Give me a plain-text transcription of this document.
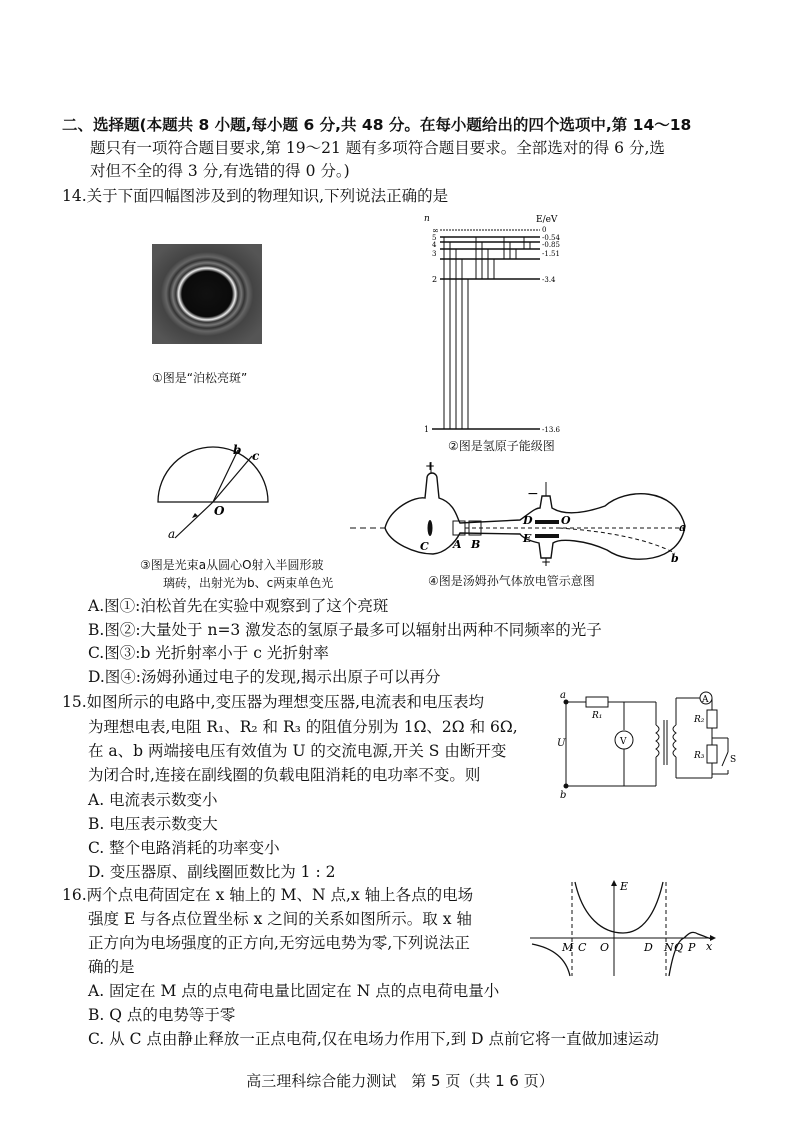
二、选择题(本题共 8 小题,每小题 6 分,共 48 分。在每小题给出的四个选项中,第 14～18
题只有一项符合题目要求,第 19～21 题有多项符合题目要求。全部选对的得 6 分,选
对但不全的得 3 分,有选错的得 0 分。)
14.关于下面四幅图涉及到的物理知识,下列说法正确的是
①图是“泊松亮斑”
n	E/eV
∞
5
4
3
2
1
0
-0.54
-0.85
-1.51
-3.4
-13.6
②图是氢原子能级图
a
b c
O
③图是光束a从圆心O射入半圆形玻
璃砖，出射光为b、c两束单色光
+
+
−
C A B
D	O
E
a
b
④图是汤姆孙气体放电管示意图
A.图①:泊松首先在实验中观察到了这个亮斑
B.图②:大量处于 n=3 激发态的氢原子最多可以辐射出两种不同频率的光子
C.图③:b 光折射率小于 c 光折射率
D.图④:汤姆孙通过电子的发现,揭示出原子可以再分
15.如图所示的电路中,变压器为理想变压器,电流表和电压表均
为理想电表,电阻 R₁、R₂ 和 R₃ 的阻值分别为 1Ω、2Ω 和 6Ω,
在 a、b 两端接电压有效值为 U 的交流电源,开关 S 由断开变
为闭合时,连接在副线圈的负载电阻消耗的电功率不变。则
A. 电流表示数变小
B. 电压表示数变大
C. 整个电路消耗的功率变小
D. 变压器原、副线圈匝数比为 1 : 2
a
b
U
R₁	R₂
R₃	S
V
A
16.两个点电荷固定在 x 轴上的 M、N 点,x 轴上各点的电场
强度 E 与各点位置坐标 x 之间的关系如图所示。取 x 轴
正方向为电场强度的正方向,无穷远电势为零,下列说法正
确的是
A. 固定在 M 点的点电荷电量比固定在 N 点的点电荷电量小
B. Q 点的电势等于零
C. 从 C 点由静止释放一正点电荷,仅在电场力作用下,到 D 点前它将一直做加速运动
E
x
M C O	D N Q P
高三理科综合能力测试　第 5 页（共 1 6 页）
